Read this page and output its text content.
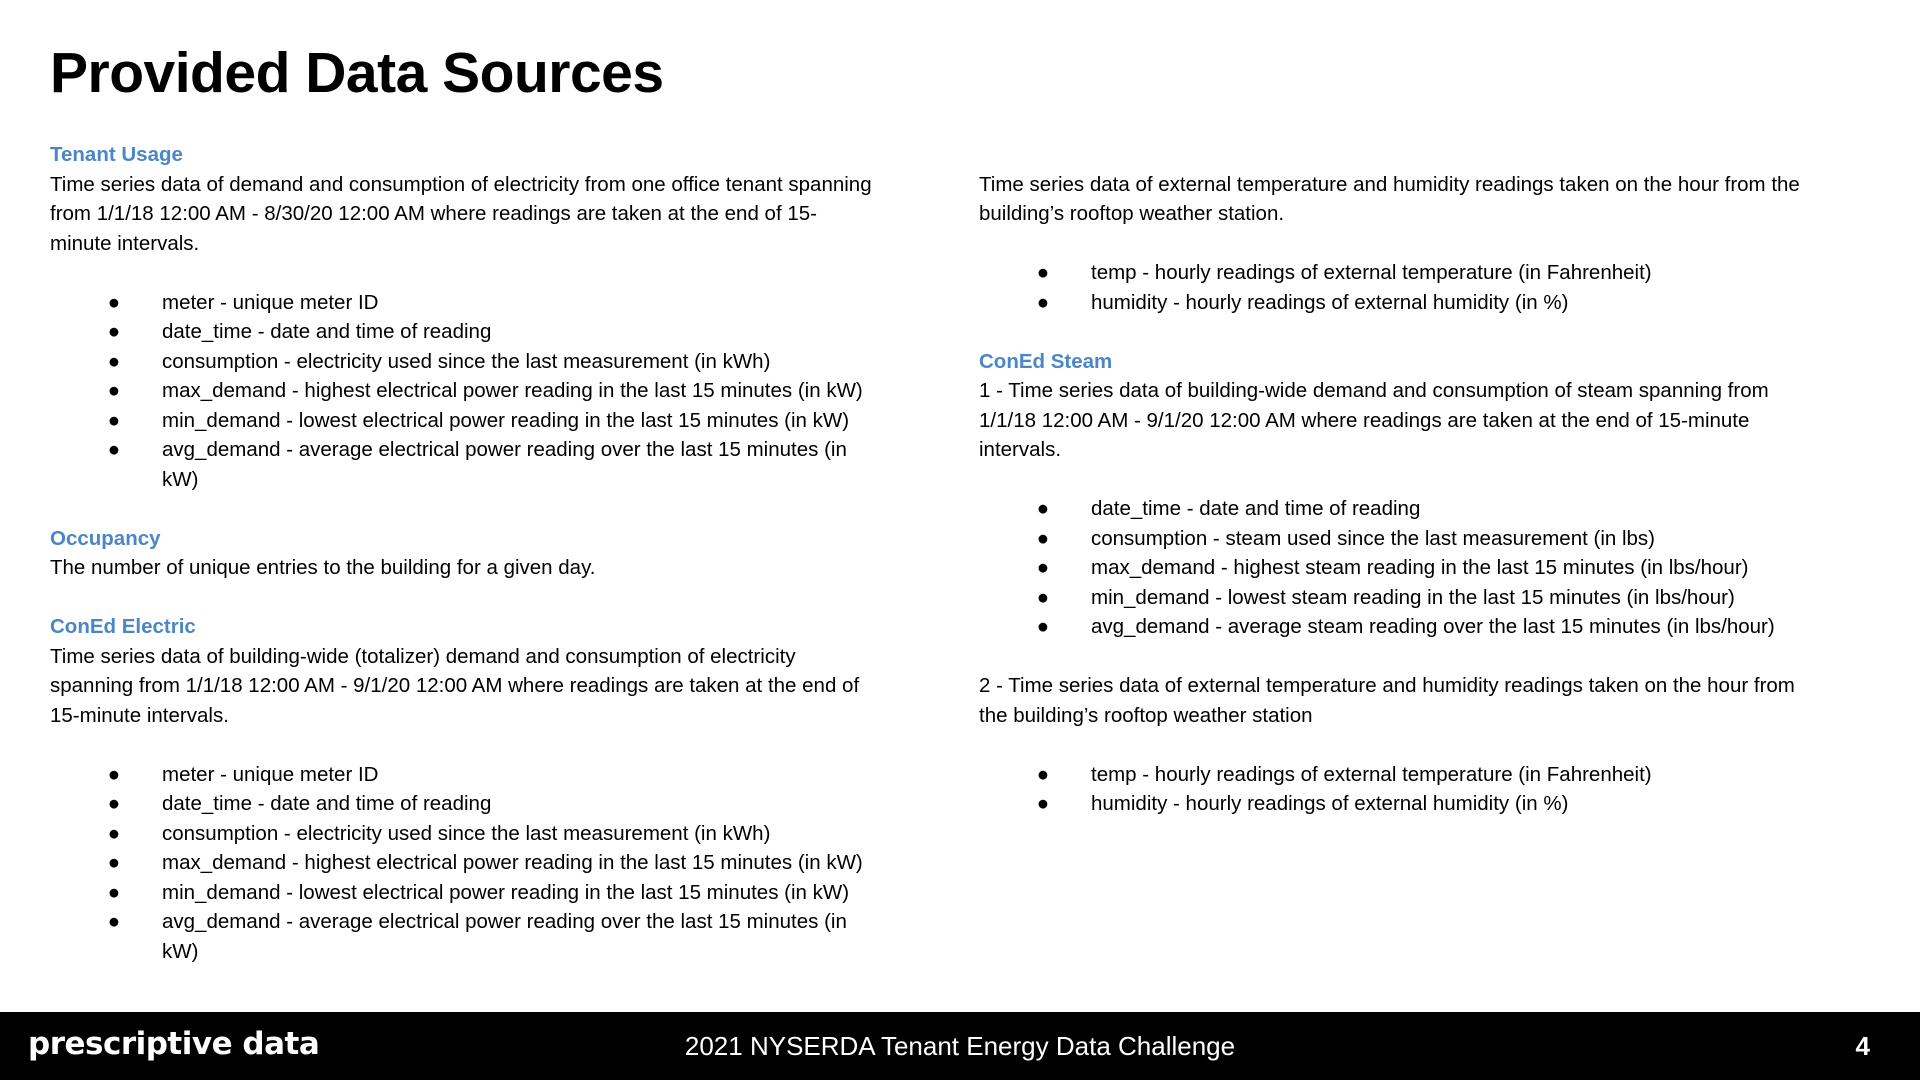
Provided Data Sources
Tenant Usage
Time series data of demand and consumption of electricity from one office tenant spanning
from 1/1/18 12:00 AM - 8/30/20 12:00 AM where readings are taken at the end of 15-
minute intervals.
● meter - unique meter ID
● date_time - date and time of reading
● consumption - electricity used since the last measurement (in kWh)
● max_demand - highest electrical power reading in the last 15 minutes (in kW)
● min_demand - lowest electrical power reading in the last 15 minutes (in kW)
● avg_demand - average electrical power reading over the last 15 minutes (in
kW)
Occupancy
The number of unique entries to the building for a given day.
ConEd Electric
Time series data of building-wide (totalizer) demand and consumption of electricity
spanning from 1/1/18 12:00 AM - 9/1/20 12:00 AM where readings are taken at the end of
15-minute intervals.
● meter - unique meter ID
● date_time - date and time of reading
● consumption - electricity used since the last measurement (in kWh)
● max_demand - highest electrical power reading in the last 15 minutes (in kW)
● min_demand - lowest electrical power reading in the last 15 minutes (in kW)
● avg_demand - average electrical power reading over the last 15 minutes (in
kW)
Time series data of external temperature and humidity readings taken on the hour from the
building’s rooftop weather station.
● temp - hourly readings of external temperature (in Fahrenheit)
● humidity - hourly readings of external humidity (in %)
ConEd Steam
1 - Time series data of building-wide demand and consumption of steam spanning from
1/1/18 12:00 AM - 9/1/20 12:00 AM where readings are taken at the end of 15-minute
intervals.
● date_time - date and time of reading
● consumption - steam used since the last measurement (in lbs)
● max_demand - highest steam reading in the last 15 minutes (in lbs/hour)
● min_demand - lowest steam reading in the last 15 minutes (in lbs/hour)
● avg_demand - average steam reading over the last 15 minutes (in lbs/hour)
2 - Time series data of external temperature and humidity readings taken on the hour from
the building’s rooftop weather station
● temp - hourly readings of external temperature (in Fahrenheit)
● humidity - hourly readings of external humidity (in %)
prescriptive data	2021 NYSERDA Tenant Energy Data Challenge	4
